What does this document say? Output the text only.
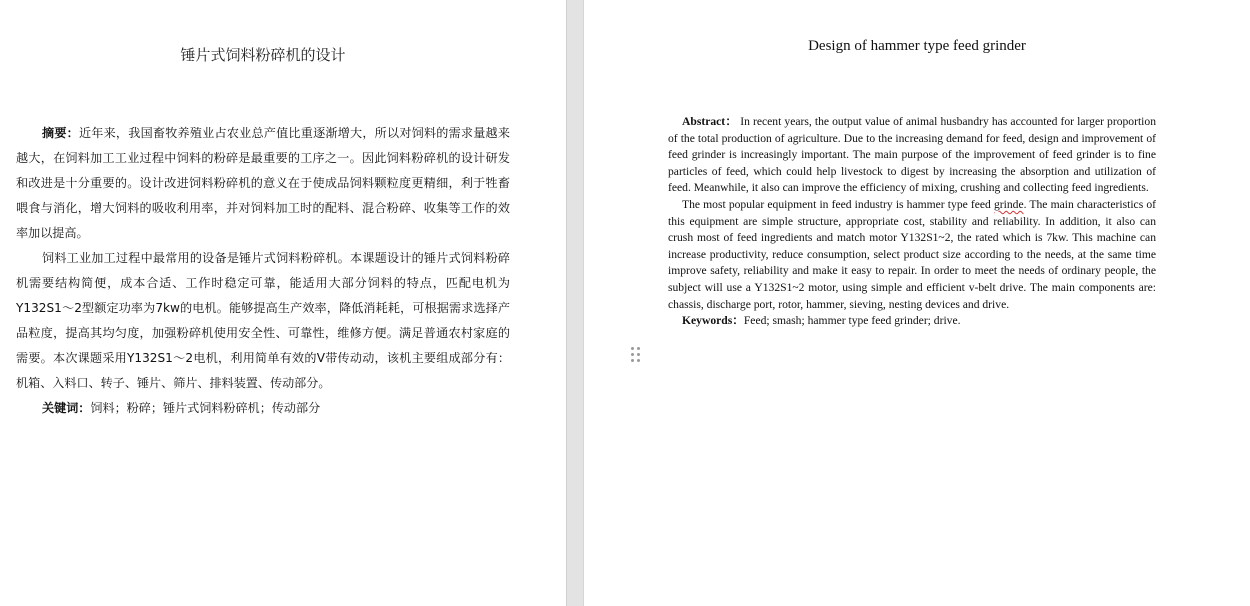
锤片式饲料粉碎机的设计

摘要：近年来，我国畜牧养殖业占农业总产值比重逐渐增大，所以对饲料的需求量越来越大，在饲料加工工业过程中饲料的粉碎是最重要的工序之一。因此饲料粉碎机的设计研发和改进是十分重要的。设计改进饲料粉碎机的意义在于使成品饲料颗粒度更精细，利于牲畜喂食与消化，增大饲料的吸收利用率，并对饲料加工时的配料、混合粉碎、收集等工作的效率加以提高。

饲料工业加工过程中最常用的设备是锤片式饲料粉碎机。本课题设计的锤片式饲料粉碎机需要结构简便，成本合适、工作时稳定可靠，能适用大部分饲料的特点，匹配电机为Y132S1～2型额定功率为7kw的电机。能够提高生产效率，降低消耗耗，可根据需求选择产品粒度，提高其均匀度，加强粉碎机使用安全性、可靠性，维修方便。满足普通农村家庭的需要。本次课题采用Y132S1～2电机，利用简单有效的V带传动动，该机主要组成部分有：机箱、入料口、转子、锤片、筛片、排料装置、传动部分。

关键词：饲料；粉碎；锤片式饲料粉碎机；传动部分

Design of hammer type feed grinder

Abstract： In recent years, the output value of animal husbandry has accounted for larger proportion of the total production of agriculture. Due to the increasing demand for feed, design and improvement of feed grinder is increasingly important. The main purpose of the improvement of feed grinder is to fine particles of feed, which could help livestock to digest by increasing the absorption and utilization of feed. Meanwhile, it also can improve the efficiency of mixing, crushing and collecting feed ingredients.

The most popular equipment in feed industry is hammer type feed grinde. The main characteristics of this equipment are simple structure, appropriate cost, stability and reliability. In addition, it also can crush most of feed ingredients and match motor Y132S1~2, the rated which is 7kw. This machine can increase productivity, reduce consumption, select product size according to the needs, at the same time improve safety, reliability and make it easy to repair. In order to meet the needs of ordinary people, the subject will use a Y132S1~2 motor, using simple and efficient v-belt drive. The main components are: chassis, discharge port, rotor, hammer, sieving, nesting devices and drive.

Keywords：Feed; smash; hammer type feed grinder; drive.
